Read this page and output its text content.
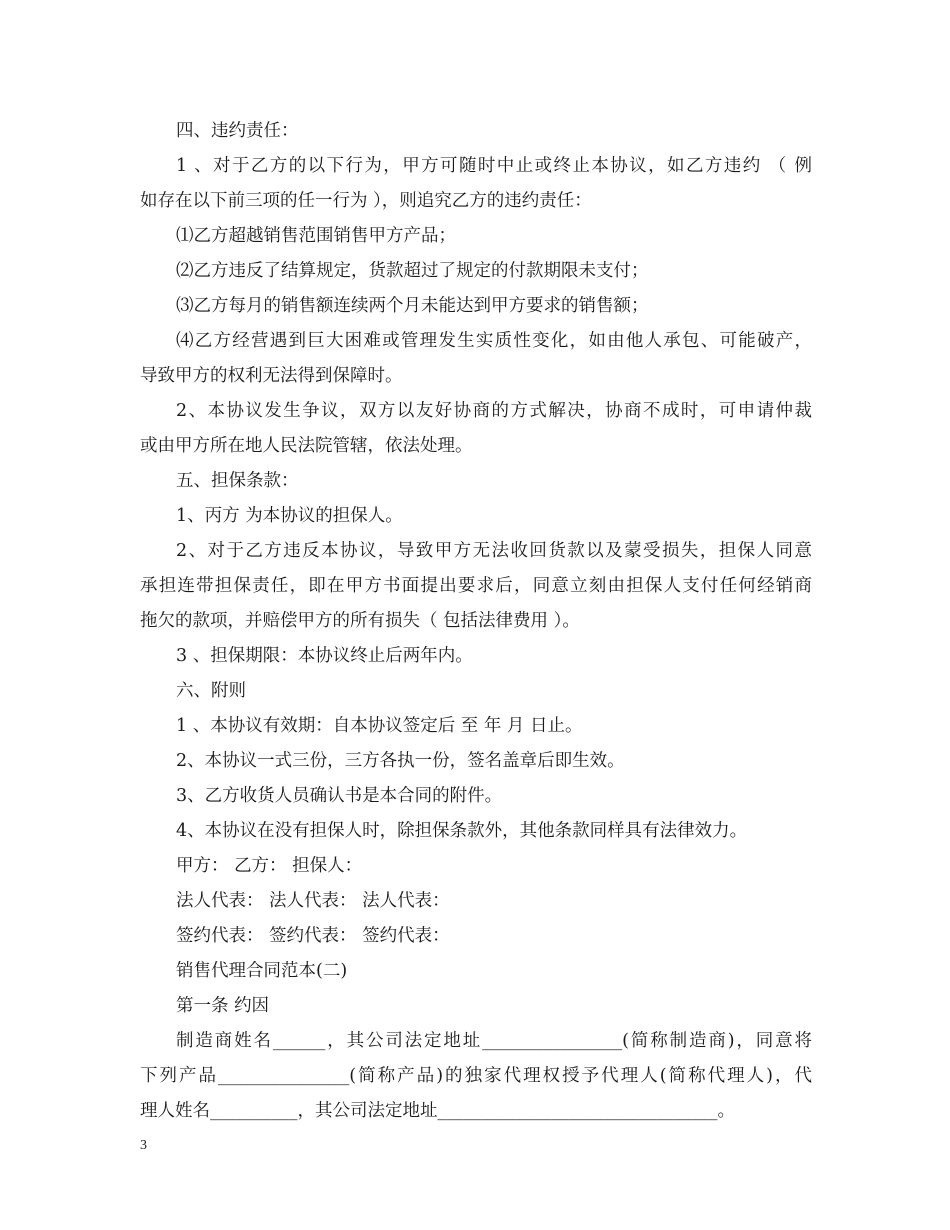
四、违约责任：
1 、对于乙方的以下行为，甲方可随时中止或终止本协议，如乙方违约 （ 例
如存在以下前三项的任一行为 ），则追究乙方的违约责任：
⑴乙方超越销售范围销售甲方产品；
⑵乙方违反了结算规定，货款超过了规定的付款期限未支付；
⑶乙方每月的销售额连续两个月未能达到甲方要求的销售额；
⑷乙方经营遇到巨大困难或管理发生实质性变化，如由他人承包、可能破产，
导致甲方的权利无法得到保障时。
2、本协议发生争议，双方以友好协商的方式解决，协商不成时，可申请仲裁
或由甲方所在地人民法院管辖，依法处理。
五、担保条款：
1、丙方 为本协议的担保人。
2、对于乙方违反本协议，导致甲方无法收回货款以及蒙受损失，担保人同意
承担连带担保责任，即在甲方书面提出要求后，同意立刻由担保人支付任何经销商
拖欠的款项，并赔偿甲方的所有损失（ 包括法律费用 ）。
3 、担保期限：本协议终止后两年内。
六、附则
1 、本协议有效期：自本协议签定后 至 年 月 日止。
2、本协议一式三份，三方各执一份，签名盖章后即生效。
3、乙方收货人员确认书是本合同的附件。
4、本协议在没有担保人时，除担保条款外，其他条款同样具有法律效力。
甲方： 乙方： 担保人：
法人代表： 法人代表： 法人代表：
签约代表： 签约代表： 签约代表：
销售代理合同范本(二)
第一条 约因
制造商姓名______，其公司法定地址________________(简称制造商)，同意将
下列产品_______________(简称产品)的独家代理权授予代理人(简称代理人)，代
理人姓名__________，其公司法定地址________________________________。
3
